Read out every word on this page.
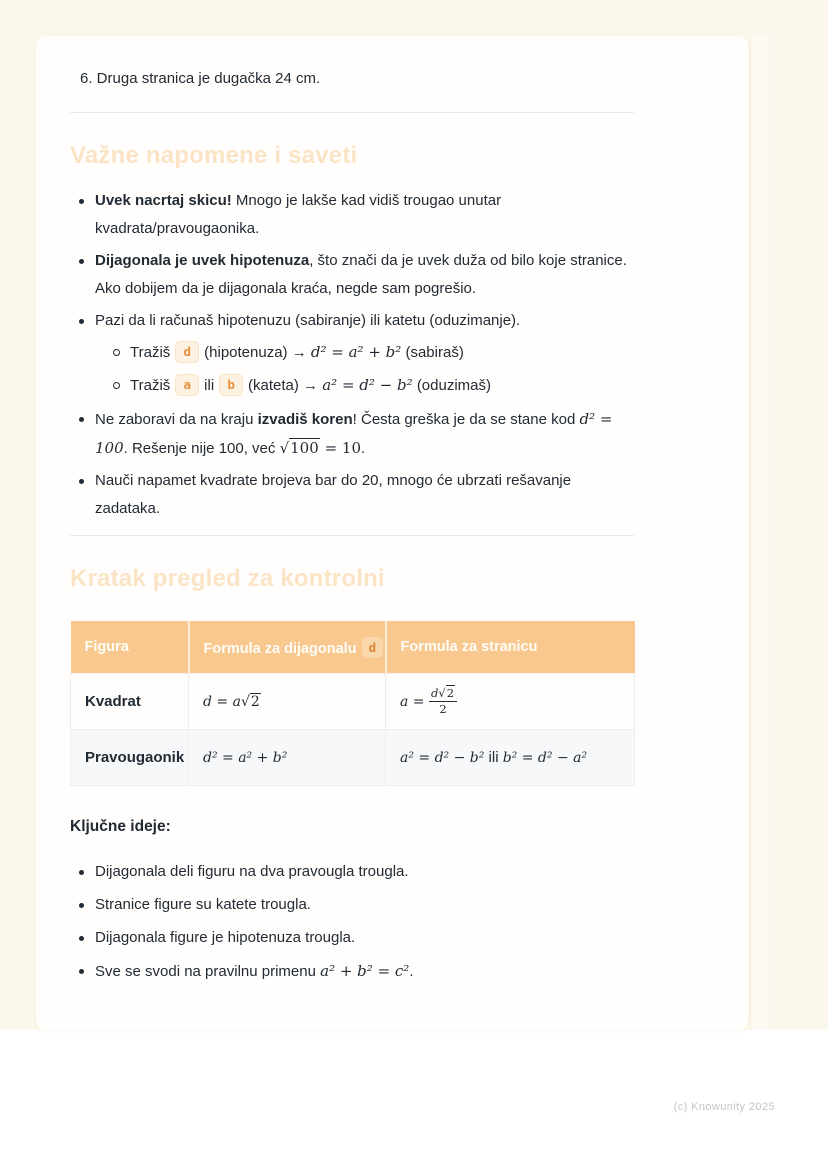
6. Druga stranica je dugačka 24 cm.

Važne napomene i saveti
Uvek nacrtaj skicu! Mnogo je lakše kad vidiš trougao unutar kvadrata/pravougaonika.
Dijagonala je uvek hipotenuza, što znači da je uvek duža od bilo koje stranice. Ako dobijem da je dijagonala kraća, negde sam pogrešio.
Pazi da li računaš hipotenuzu (sabiranje) ili katetu (oduzimanje).
Tražiš d (hipotenuza) → d² = a² + b² (sabiraš)
Tražiš a ili b (kateta) → a² = d² − b² (oduzimaš)
Ne zaboravi da na kraju izvadiš koren! Česta greška je da se stane kod d² = 100. Rešenje nije 100, već √100 = 10.
Nauči napamet kvadrate brojeva bar do 20, mnogo će ubrzati rešavanje zadataka.
Kratak pregled za kontrolni
Figura	Formula za dijagonalu d	Formula za stranicu
Kvadrat	d = a√2	$a = \frac{d√2}{2}$

Pravougaonik	d² = a² + b²	a² = d² − b² ili b² = d² − a²

Ključne ideje:

Dijagonala deli figuru na dva pravougla trougla.
Stranice figure su katete trougla.
Dijagonala figure je hipotenuza trougla.
Sve se svodi na pravilnu primenu a² + b² = c².
(c) Knowunity 2025
